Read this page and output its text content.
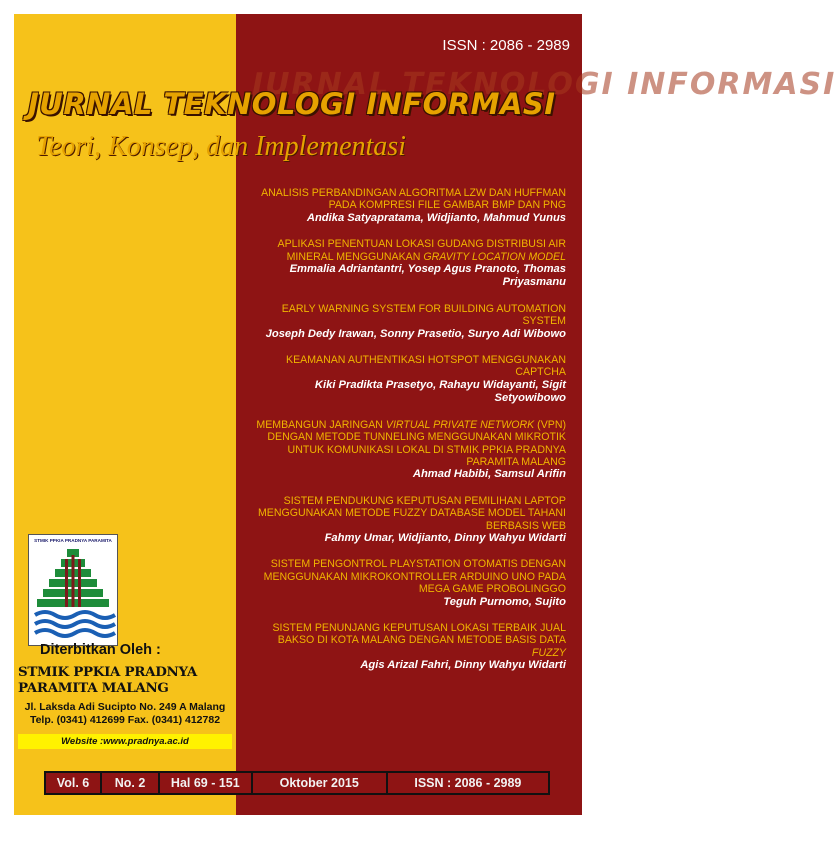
JURNAL TEKNOLOGI INFORMASI
ISSN : 2086 - 2989
JURNAL TEKNOLOGI INFORMASI
Teori, Konsep, dan Implementasi
ANALISIS PERBANDINGAN ALGORITMA LZW DAN HUFFMAN PADA KOMPRESI FILE GAMBAR BMP DAN PNG
Andika Satyapratama, Widjianto, Mahmud Yunus
APLIKASI PENENTUAN LOKASI GUDANG DISTRIBUSI AIR MINERAL MENGGUNAKAN GRAVITY LOCATION MODEL
Emmalia Adriantantri, Yosep Agus Pranoto, Thomas Priyasmanu
EARLY WARNING SYSTEM FOR BUILDING AUTOMATION SYSTEM
Joseph Dedy Irawan, Sonny Prasetio, Suryo Adi Wibowo
KEAMANAN AUTHENTIKASI HOTSPOT MENGGUNAKAN CAPTCHA
Kiki Pradikta Prasetyo, Rahayu Widayanti, Sigit Setyowibowo
MEMBANGUN JARINGAN VIRTUAL PRIVATE NETWORK (VPN) DENGAN METODE TUNNELING MENGGUNAKAN MIKROTIK UNTUK KOMUNIKASI LOKAL DI STMIK PPKIA PRADNYA PARAMITA MALANG
Ahmad Habibi, Samsul Arifin
SISTEM PENDUKUNG KEPUTUSAN PEMILIHAN LAPTOP MENGGUNAKAN METODE FUZZY DATABASE MODEL TAHANI BERBASIS WEB
Fahmy Umar, Widjianto, Dinny Wahyu Widarti
SISTEM PENGONTROL PLAYSTATION OTOMATIS DENGAN MENGGUNAKAN MIKROKONTROLLER ARDUINO UNO PADA MEGA GAME PROBOLINGGO
Teguh Purnomo, Sujito
SISTEM PENUNJANG KEPUTUSAN LOKASI TERBAIK JUAL BAKSO DI KOTA MALANG DENGAN METODE BASIS DATA FUZZY
Agis Arizal Fahri, Dinny Wahyu Widarti
STMIK PPKIA PRADNYA PARAMITA
Diterbitkan Oleh :
STMIK PPKIA PRADNYA PARAMITA MALANG
Jl. Laksda Adi Sucipto No. 249 A Malang
Telp. (0341) 412699 Fax. (0341) 412782
Website :www.pradnya.ac.id
Vol. 6	No. 2	Hal 69 - 151	Oktober 2015	ISSN : 2086 - 2989
